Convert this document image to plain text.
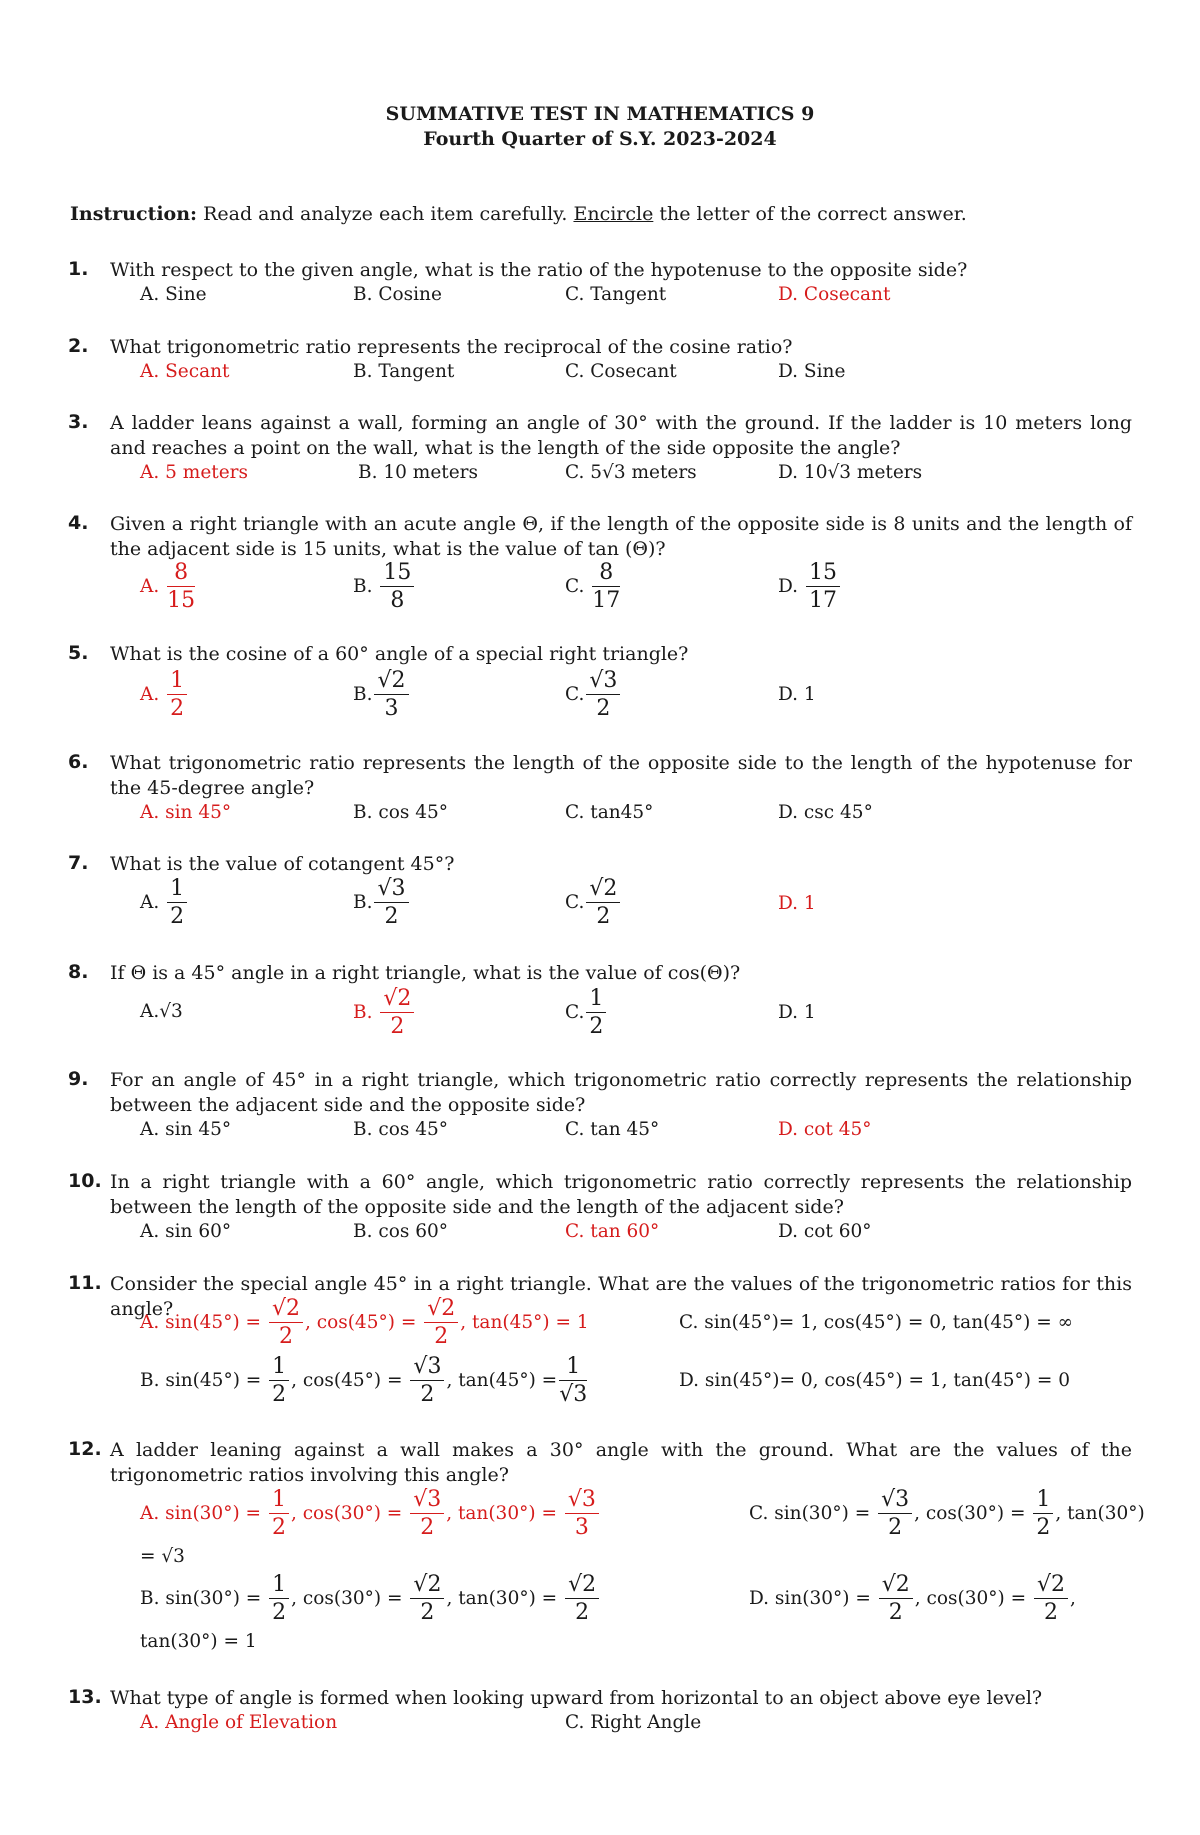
SUMMATIVE TEST IN MATHEMATICS 9
Fourth Quarter of S.Y. 2023-2024
Instruction: Read and analyze each item carefully. Encircle the letter of the correct answer.
1. With respect to the given angle, what is the ratio of the hypotenuse to the opposite side?
A. Sine	B. Cosine	C. Tangent	D. Cosecant
2. What trigonometric ratio represents the reciprocal of the cosine ratio?
A. Secant	B. Tangent	C. Cosecant	D. Sine
3. A ladder leans against a wall, forming an angle of 30° with the ground. If the ladder is 10 meters long and reaches a point on the wall, what is the length of the side opposite the angle?
A. 5 meters	B. 10 meters	C. 5√3 meters	D. 10√3 meters
4. Given a right triangle with an acute angle Θ, if the length of the opposite side is 8 units and the length of the adjacent side is 15 units, what is the value of tan (Θ)?
A. $\frac{8}{15}$	B. $\frac{15}{8}$	C. $\frac{8}{17}$	D. $\frac{15}{17}$
5. What is the cosine of a 60° angle of a special right triangle?
A. $\frac{1}{2}$	B. $\frac{√2}{3}$	C. $\frac{√3}{2}$	D. 1
6. What trigonometric ratio represents the length of the opposite side to the length of the hypotenuse for the 45-degree angle?
A. sin 45°	B. cos 45°	C. tan45°	D. csc 45°
7. What is the value of cotangent 45°?
A. $\frac{1}{2}$	B. $\frac{√3}{2}$	C. $\frac{√2}{2}$	D. 1
8. If Θ is a 45° angle in a right triangle, what is the value of cos(Θ)?
A.√3	B. $\frac{√2}{2}$	C. $\frac{1}{2}$	D. 1
9. For an angle of 45° in a right triangle, which trigonometric ratio correctly represents the relationship between the adjacent side and the opposite side?
A. sin 45°	B. cos 45°	C. tan 45°	D. cot 45°
10. In a right triangle with a 60° angle, which trigonometric ratio correctly represents the relationship between the length of the opposite side and the length of the adjacent side?
A. sin 60°	B. cos 60°	C. tan 60°	D. cot 60°
11. Consider the special angle 45° in a right triangle. What are the values of the trigonometric ratios for this angle?
A. $\sin(45^\circ) = \frac{√2}{2}$ , $\cos(45^\circ) = \frac{√2}{2}$ , tan(45°) = 1	C. sin(45°)= 1, cos(45°) = 0, tan(45°) = ∞
B. $\sin(45^\circ) = \frac{1}{2}$ , $\cos(45^\circ) = \frac{√3}{2}$ , $\tan(45^\circ) = \frac{1}{√3}$	D. sin(45°)= 0, cos(45°) = 1, tan(45°) = 0
12. A ladder leaning against a wall makes a 30° angle with the ground. What are the values of the trigonometric ratios involving this angle?
A. $\sin(30^\circ) = \frac{1}{2}$ , $\cos(30^\circ) = \frac{√3}{2}$ , $\tan(30^\circ) = \frac{√3}{3}$	C. $\sin(30^\circ) = \frac{√3}{2}$ , $\cos(30^\circ) = \frac{1}{2}$ , tan(30°)
= √3
B. $\sin(30^\circ) = \frac{1}{2}$ , $\cos(30^\circ) = \frac{√2}{2}$ , $\tan(30^\circ) = \frac{√2}{2}$	D. $\sin(30^\circ) = \frac{√2}{2}$ , $\cos(30^\circ) = \frac{√2}{2}$ ,
tan(30°) = 1
13. What type of angle is formed when looking upward from horizontal to an object above eye level?
A. Angle of Elevation	C. Right Angle
